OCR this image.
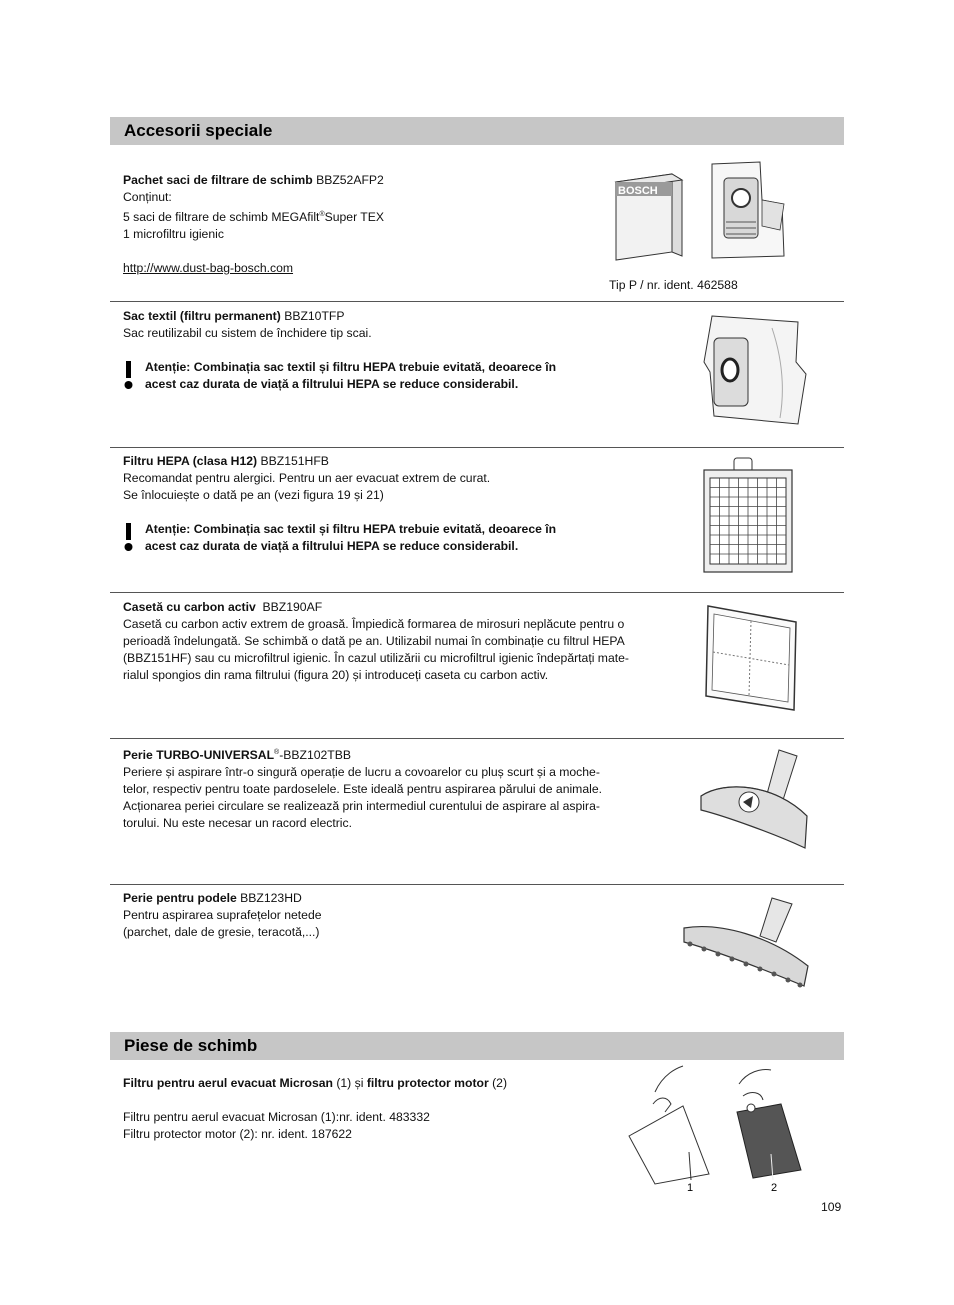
Accesorii speciale

Pachet saci de filtrare de schimb BBZ52AFP2

Conținut:

5 saci de filtrare de schimb MEGAfilt®Super TEX

1 microfiltru igienic

http://www.dust-bag-bosch.com

BOSCH
Tip P / nr. ident. 462588

Sac textil (filtru permanent) BBZ10TFP

Sac reutilizabil cu sistem de închidere tip scai.

Atenție: Combinația sac textil și filtru HEPA trebuie evitată, deoarece în

acest caz durata de viață a filtrului HEPA se reduce considerabil.

Filtru HEPA (clasa H12) BBZ151HFB

Recomandat pentru alergici. Pentru un aer evacuat extrem de curat.

Se înlocuiește o dată pe an (vezi figura 19 și 21)

Atenție: Combinația sac textil și filtru HEPA trebuie evitată, deoarece în

acest caz durata de viață a filtrului HEPA se reduce considerabil.

Casetă cu carbon activ BBZ190AF

Casetă cu carbon activ extrem de groasă. Împiedică formarea de mirosuri neplăcute pentru o

perioadă îndelungată. Se schimbă o dată pe an. Utilizabil numai în combinație cu filtrul HEPA

(BBZ151HF) sau cu microfiltrul igienic. În cazul utilizării cu microfiltrul igienic îndepărtați mate-

rialul spongios din rama filtrului (figura 20) și introduceți caseta cu carbon activ.

Perie TURBO-UNIVERSAL®-BBZ102TBB

Periere și aspirare într-o singură operație de lucru a covoarelor cu pluș scurt și a moche-

telor, respectiv pentru toate pardoselele. Este ideală pentru aspirarea părului de animale.

Acționarea periei circulare se realizează prin intermediul curentului de aspirare al aspira-

torului. Nu este necesar un racord electric.

Perie pentru podele BBZ123HD

Pentru aspirarea suprafețelor netede

(parchet, dale de gresie, teracotă,...)

Piese de schimb

Filtru pentru aerul evacuat Microsan (1) și filtru protector motor (2)

Filtru pentru aerul evacuat Microsan (1):nr. ident. 483332

Filtru protector motor (2): nr. ident. 187622

1	2
109
